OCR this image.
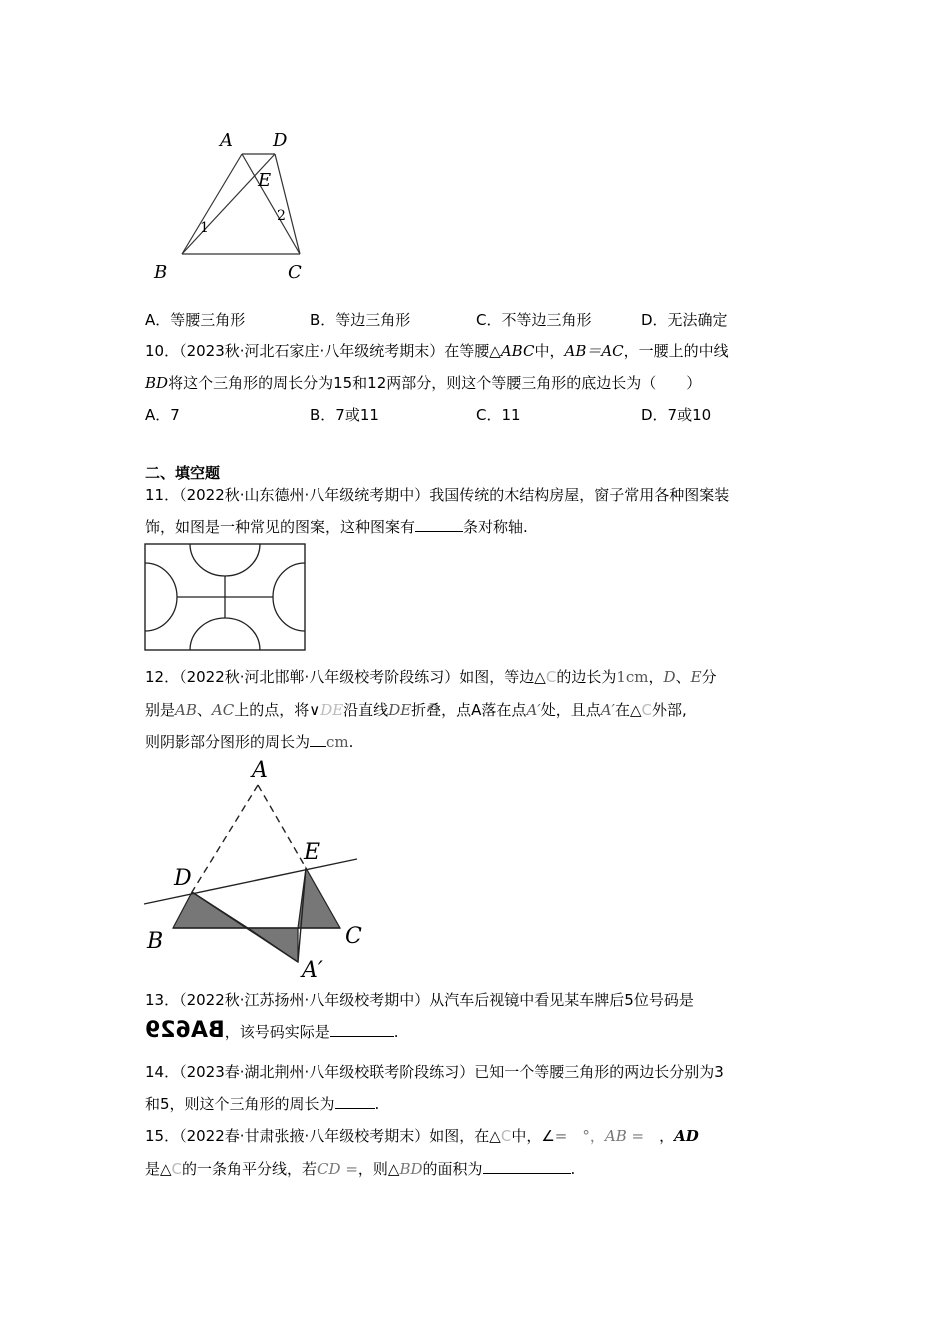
A D
E
1
2
B	C
A．等腰三角形	B．等边三角形	C．不等边三角形	D．无法确定
10．（2023秋·河北石家庄·八年级统考期末）在等腰△ABC中，AB＝AC，一腰上的中线
BD将这个三角形的周长分为15和12两部分，则这个等腰三角形的底边长为（　　）
A．7	B．7或11	C．11	D．7或10
二、填空题
11．（2022秋·山东德州·八年级统考期中）我国传统的木结构房屋，窗子常用各种图案装
饰，如图是一种常见的图案，这种图案有	条对称轴.
12．（2022秋·河北邯郸·八年级校考阶段练习）如图，等边△C的边长为1cm，D、E分
别是AB、AC上的点，将∨DE沿直线DE折叠，点A落在点A′处，且点A′在△C外部,
则阴影部分图形的周长为 cm.
A
E
D
B	C
A′
13．（2022秋·江苏扬州·八年级校考期中）从汽车后视镜中看见某车牌后5位号码是
BA629，该号码实际是	.
14．（2023春·湖北荆州·八年级校联考阶段练习）已知一个等腰三角形的两边长分别为3
和5，则这个三角形的周长为	.
15．（2022春·甘肃张掖·八年级校考期末）如图，在△C中，∠=　°，AB =　，AD
是△C的一条角平分线，若CD =，则△BD的面积为	.
